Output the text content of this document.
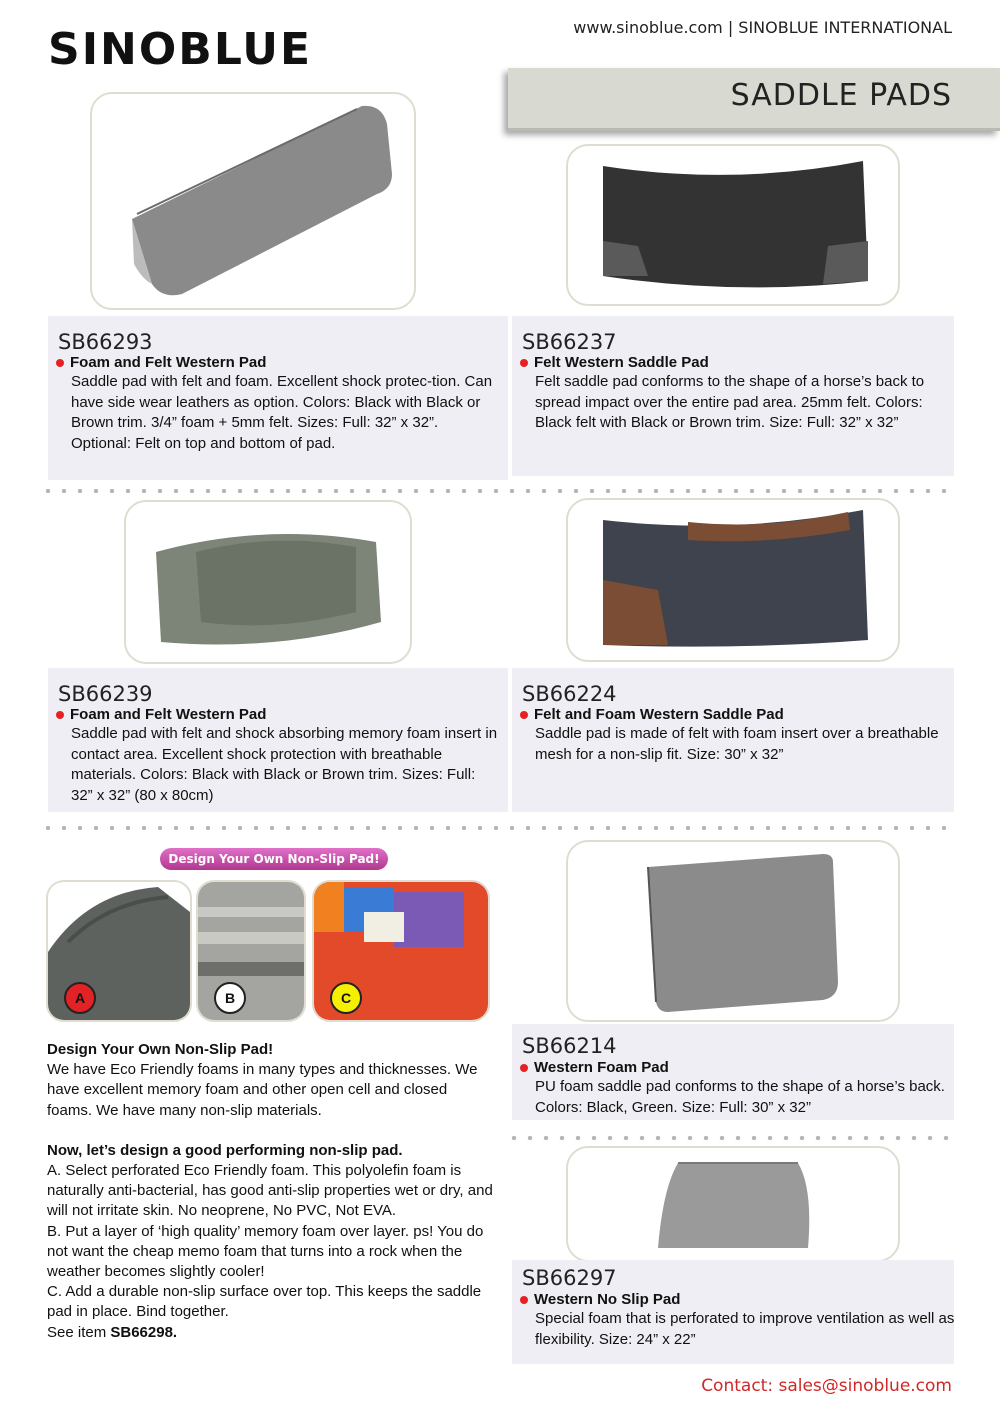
SINOBLUE	www.sinoblue.com | SINOBLUE INTERNATIONAL
SADDLE PADS
SB66293
Foam and Felt Western Pad
Saddle pad with felt and foam. Excellent shock protec-tion. Can have side wear leathers as option. Colors: Black with Black or Brown trim. 3/4” foam + 5mm felt. Sizes: Full: 32” x 32”. Optional: Felt on top and bottom of pad.
SB66237
Felt Western Saddle Pad
Felt saddle pad conforms to the shape of a horse’s back to spread impact over the entire pad area. 25mm felt. Colors: Black felt with Black or Brown trim. Size: Full: 32” x 32”
SB66239
Foam and Felt Western Pad
Saddle pad with felt and shock absorbing memory foam insert in contact area. Excellent shock protection with breathable materials. Colors: Black with Black or Brown trim. Sizes: Full: 32” x 32” (80 x 80cm)
SB66224
Felt and Foam Western Saddle Pad
Saddle pad is made of felt with foam insert over a breathable mesh for a non-slip fit. Size: 30” x 32”
Design Your Own Non-Slip Pad!
A	B	C
Design Your Own Non-Slip Pad!
We have Eco Friendly foams in many types and thicknesses. We have excellent memory foam and other open cell and closed foams. We have many non-slip materials.
Now, let’s design a good performing non-slip pad.
A. Select perforated Eco Friendly foam. This polyolefin foam is naturally anti-bacterial, has good anti-slip properties wet or dry, and will not irritate skin. No neoprene, No PVC, Not EVA.
B. Put a layer of ‘high quality’ memory foam over layer. ps! You do not want the cheap memo foam that turns into a rock when the weather becomes slightly cooler!
C. Add a durable non-slip surface over top. This keeps the saddle pad in place. Bind together.
See item SB66298.
SB66214
Western Foam Pad
PU foam saddle pad conforms to the shape of a horse’s back. Colors: Black, Green. Size: Full: 30” x 32”
SB66297
Western No Slip Pad
Special foam that is perforated to improve ventilation as well as flexibility. Size: 24” x 22”
Contact: sales@sinoblue.com
